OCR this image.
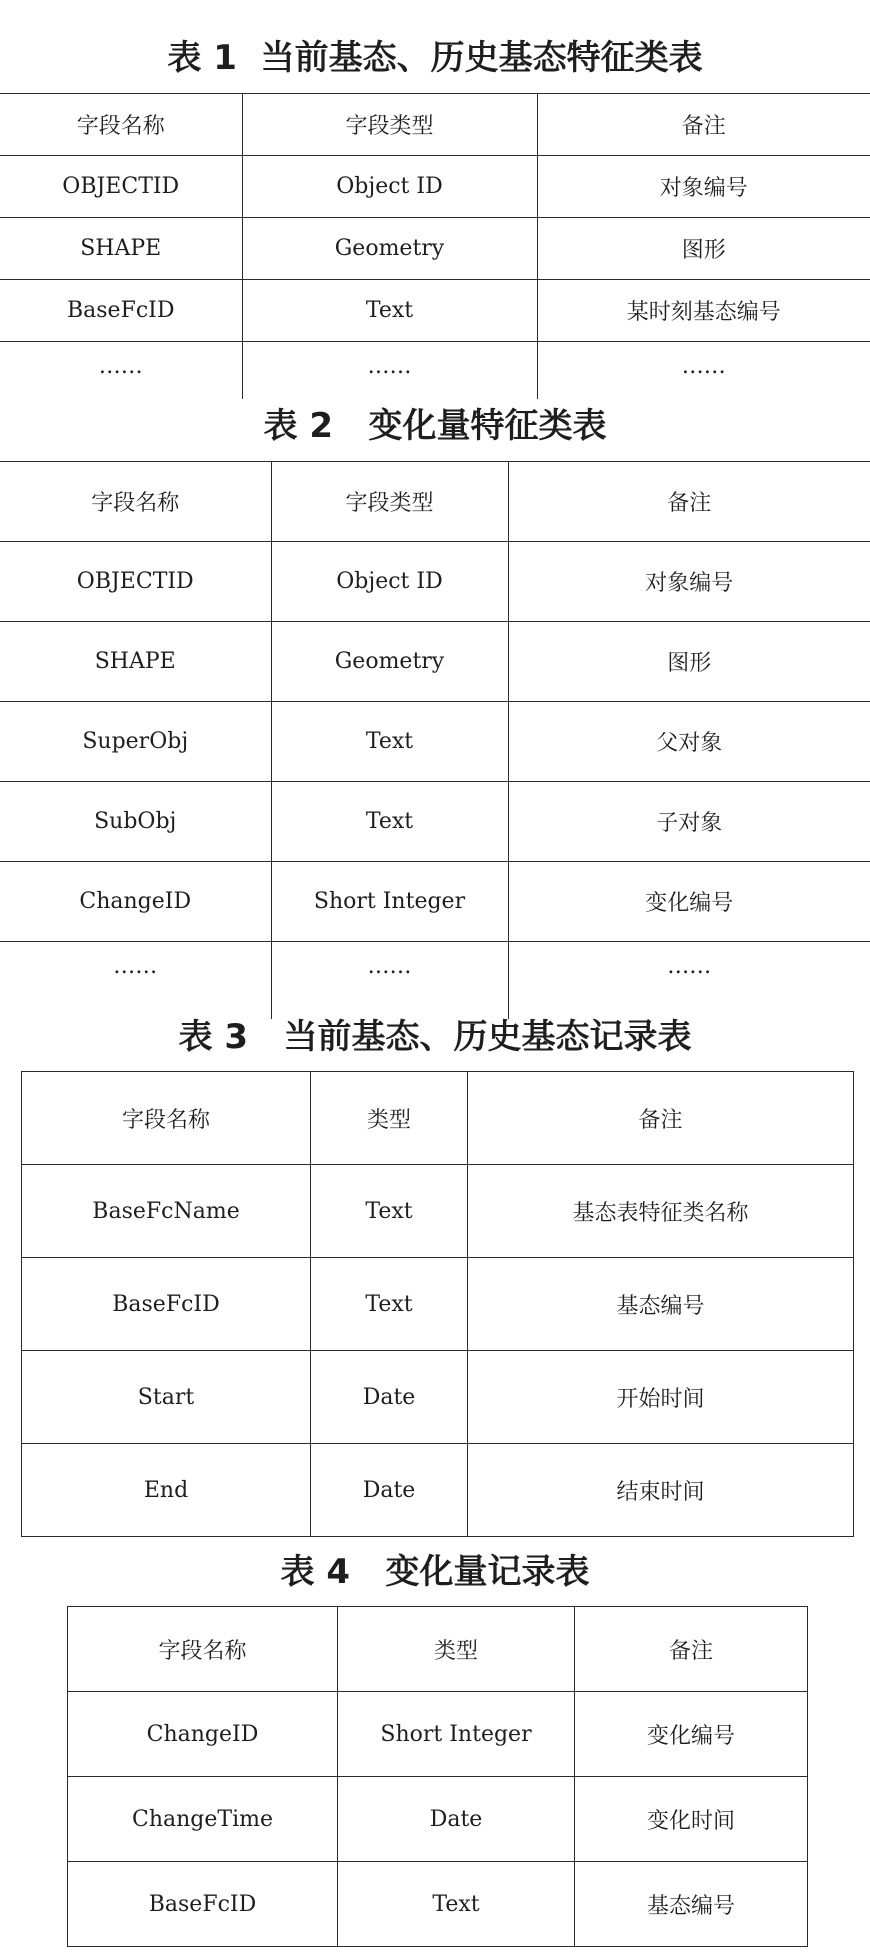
表 1  当前基态、历史基态特征类表
字段名称	字段类型	备注
OBJECTID	Object ID	对象编号
SHAPE	Geometry	图形
BaseFcID	Text	某时刻基态编号
……	……	……
表 2   变化量特征类表
字段名称	字段类型	备注
OBJECTID	Object ID	对象编号
SHAPE	Geometry	图形
SuperObj	Text	父对象
SubObj	Text	子对象
ChangeID	Short Integer	变化编号
……	……	……
表 3   当前基态、历史基态记录表
字段名称	类型	备注
BaseFcName	Text	基态表特征类名称
BaseFcID	Text	基态编号
Start	Date	开始时间
End	Date	结束时间
表 4   变化量记录表
字段名称	类型	备注
ChangeID	Short Integer	变化编号
ChangeTime	Date	变化时间
BaseFcID	Text	基态编号
